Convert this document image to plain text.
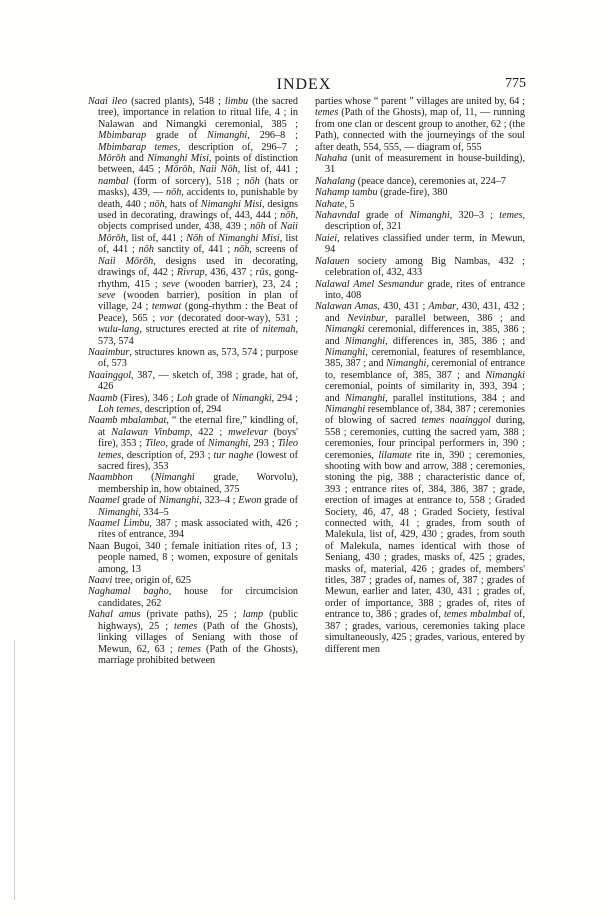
INDEX	775

Naai ileo (sacred plants), 548 ; limbu (the sacred tree), importance in relation to ritual life, 4 ; in Nalawan and Nimangki ceremonial, 385 ; Mbimbarap grade of Nimanghi, 296–8 ; Mbimbarap temes, description of, 296–7 ; Mōrōh and Nimanghi Misi, points of distinction between, 445 ; Mōrōh, Naii Nōh, list of, 441 ; nambal (form of sorcery), 518 ; nōh (hats or masks), 439, — nōh, accidents to, punishable by death, 440 ; nōh, hats of Nimanghi Misi, designs used in decorating, drawings of, 443, 444 ; nōh, objects comprised under, 438, 439 ; nōh of Naii Mōrōh, list of, 441 ; Nōh of Nimanghi Misi, list of, 441 ; nōh sanctity of, 441 ; nōh, screens of Naii Mōrōh, designs used in decorating, drawings of, 442 ; Rivrap, 436, 437 ; rūs, gong-rhythm, 415 ; seve (wooden barrier), 23, 24 ; seve (wooden barrier), position in plan of village, 24 ; temwat (gong-rhythm : the Beat of Peace), 565 ; vor (decorated door-way), 531 ; wulu-lang, structures erected at rite of nitemah, 573, 574

Naaimbur, structures known as, 573, 574 ; purpose of, 573

Naainggol, 387, — sketch of, 398 ; grade, hat of, 426

Naamb (Fires), 346 ; Loh grade of Nimangki, 294 ; Loh temes, description of, 294

Naamb mbalambat, “ the eternal fire,” kindling of, at Nalawan Vinbamp, 422 ; mwelevar (boys' fire), 353 ; Tileo, grade of Nimanghi, 293 ; Tileo temes, description of, 293 ; tur naghe (lowest of sacred fires), 353

Naambhon (Nimanghi grade, Worvolu), membership in, how obtained, 375

Naamel grade of Nimanghi, 323–4 ; Ewon grade of Nimanghi, 334–5

Naamel Limbu, 387 ; mask associated with, 426 ; rites of entrance, 394

Naan Bugoi, 340 ; female initiation rites of, 13 ; people named, 8 ; women, exposure of genitals among, 13

Naavi tree, origin of, 625

Naghamal bagho, house for circumcision candidates, 262

Nahal amus (private paths), 25 ; lamp (public highways), 25 ; temes (Path of the Ghosts), linking villages of Seniang with those of Mewun, 62, 63 ; temes (Path of the Ghosts), marriage prohibited between

parties whose “ parent ” villages are united by, 64 ; temes (Path of the Ghosts), map of, 11, — running from one clan or descent group to another, 62 ; (the Path), connected with the journeyings of the soul after death, 554, 555, — diagram of, 555

Nahaha (unit of measurement in house-building), 31

Nahalang (peace dance), ceremonies at, 224–7

Nahamp tambu (grade-fire), 380

Nahate, 5

Nahavndal grade of Nimanghi, 320–3 ; temes, description of, 321

Naiei, relatives classified under term, in Mewun, 94

Nalauen society among Big Nambas, 432 ; celebration of, 432, 433

Nalawal Amel Sesmandur grade, rites of entrance into, 408

Nalawan Amas, 430, 431 ; Ambar, 430, 431, 432 ; and Nevinbur, parallel between, 386 ; and Nimangki ceremonial, differences in, 385, 386 ; and Nimanghi, differences in, 385, 386 ; and Nimanghi, ceremonial, features of resemblance, 385, 387 ; and Nimanghi, ceremonial of entrance to, resemblance of, 385, 387 ; and Nimangki ceremonial, points of similarity in, 393, 394 ; and Nimanghi, parallel institutions, 384 ; and Nimanghi resemblance of, 384, 387 ; ceremonies of blowing of sacred temes naainggol during, 558 ; ceremonies, cutting the sacred yam, 388 ; ceremonies, four principal performers in, 390 ; ceremonies, lilamate rite in, 390 ; ceremonies, shooting with bow and arrow, 388 ; ceremonies, stoning the pig, 388 ; characteristic dance of, 393 ; entrance rites of, 384, 386, 387 ; grade, erection of images at entrance to, 558 ; Graded Society, 46, 47, 48 ; Graded Society, festival connected with, 41 ; grades, from south of Malekula, list of, 429, 430 ; grades, from south of Malekula, names identical with those of Seniang, 430 ; grades, masks of, 425 ; grades, masks of, material, 426 ; grades of, members' titles, 387 ; grades of, names of, 387 ; grades of Mewun, earlier and later, 430, 431 ; grades of, order of importance, 388 ; grades of, rites of entrance to, 386 ; grades of, temes mbalmbal of, 387 ; grades, various, ceremonies taking place simultaneously, 425 ; grades, various, entered by different men
